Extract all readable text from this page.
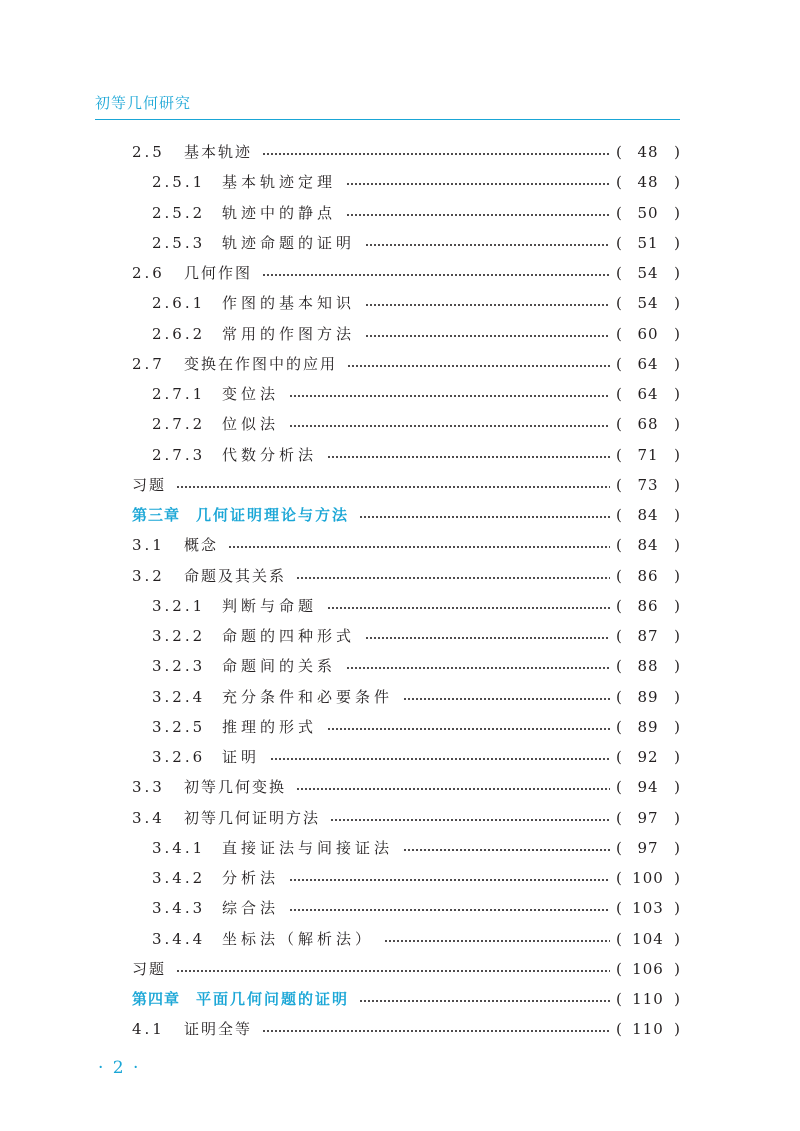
初等几何研究
2.5	基本轨迹	(	48	)
2.5.1	基本轨迹定理	(	48	)
2.5.2	轨迹中的静点	(	50	)
2.5.3	轨迹命题的证明	(	51	)
2.6	几何作图	(	54	)
2.6.1	作图的基本知识	(	54	)
2.6.2	常用的作图方法	(	60	)
2.7	变换在作图中的应用	(	64	)
2.7.1	变位法	(	64	)
2.7.2	位似法	(	68	)
2.7.3	代数分析法	(	71	)
习题	(	73	)
第三章	几何证明理论与方法	(	84	)
3.1	概念	(	84	)
3.2	命题及其关系	(	86	)
3.2.1	判断与命题	(	86	)
3.2.2	命题的四种形式	(	87	)
3.2.3	命题间的关系	(	88	)
3.2.4	充分条件和必要条件	(	89	)
3.2.5	推理的形式	(	89	)
3.2.6	证明	(	92	)
3.3	初等几何变换	(	94	)
3.4	初等几何证明方法	(	97	)
3.4.1	直接证法与间接证法	(	97	)
3.4.2	分析法	( 100 )
3.4.3	综合法	( 103 )
3.4.4	坐标法（解析法）	( 104 )
习题	( 106 )
第四章	平面几何问题的证明	( 110 )
4.1	证明全等	( 110 )
· 2 ·
